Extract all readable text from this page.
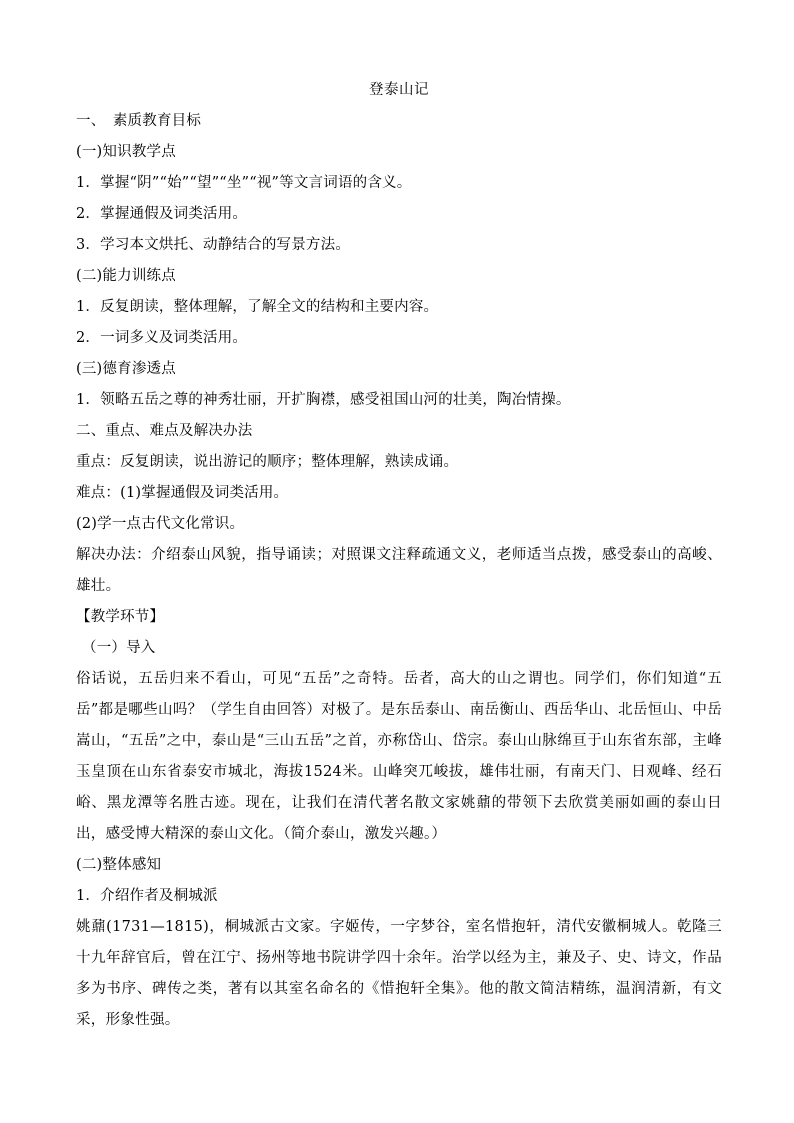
登泰山记

一、　素质教育目标

(一)知识教学点

1．掌握“阴”“始”“望”“坐”“视”等文言词语的含义。

2．掌握通假及词类活用。

3．学习本文烘托、动静结合的写景方法。

(二)能力训练点

1．反复朗读，整体理解，了解全文的结构和主要内容。

2．一词多义及词类活用。

(三)德育渗透点

1．领略五岳之尊的神秀壮丽，开扩胸襟，感受祖国山河的壮美，陶冶情操。

二、重点、难点及解决办法

重点：反复朗读，说出游记的顺序；整体理解，熟读成诵。

难点：(1)掌握通假及词类活用。

(2)学一点古代文化常识。

解决办法：介绍泰山风貌，指导诵读；对照课文注释疏通文义，老师适当点拨，感受泰山的高峻、雄壮。

【教学环节】

（一）导入

俗话说，五岳归来不看山，可见“五岳”之奇特。岳者，高大的山之谓也。同学们，你们知道“五岳”都是哪些山吗？（学生自由回答）对极了。是东岳泰山、南岳衡山、西岳华山、北岳恒山、中岳嵩山，“五岳”之中，泰山是“三山五岳”之首，亦称岱山、岱宗。泰山山脉绵亘于山东省东部，主峰玉皇顶在山东省泰安市城北，海拔1524米。山峰突兀峻拔，雄伟壮丽，有南天门、日观峰、经石峪、黑龙潭等名胜古迹。现在，让我们在清代著名散文家姚鼐的带领下去欣赏美丽如画的泰山日出，感受博大精深的泰山文化。（简介泰山，激发兴趣。）

(二)整体感知

1．介绍作者及桐城派

姚鼐(1731—1815)，桐城派古文家。字姬传，一字梦谷，室名惜抱轩，清代安徽桐城人。乾隆三十九年辞官后，曾在江宁、扬州等地书院讲学四十余年。治学以经为主，兼及子、史、诗文，作品多为书序、碑传之类，著有以其室名命名的《惜抱轩全集》。他的散文简洁精练，温润清新，有文采，形象性强。
